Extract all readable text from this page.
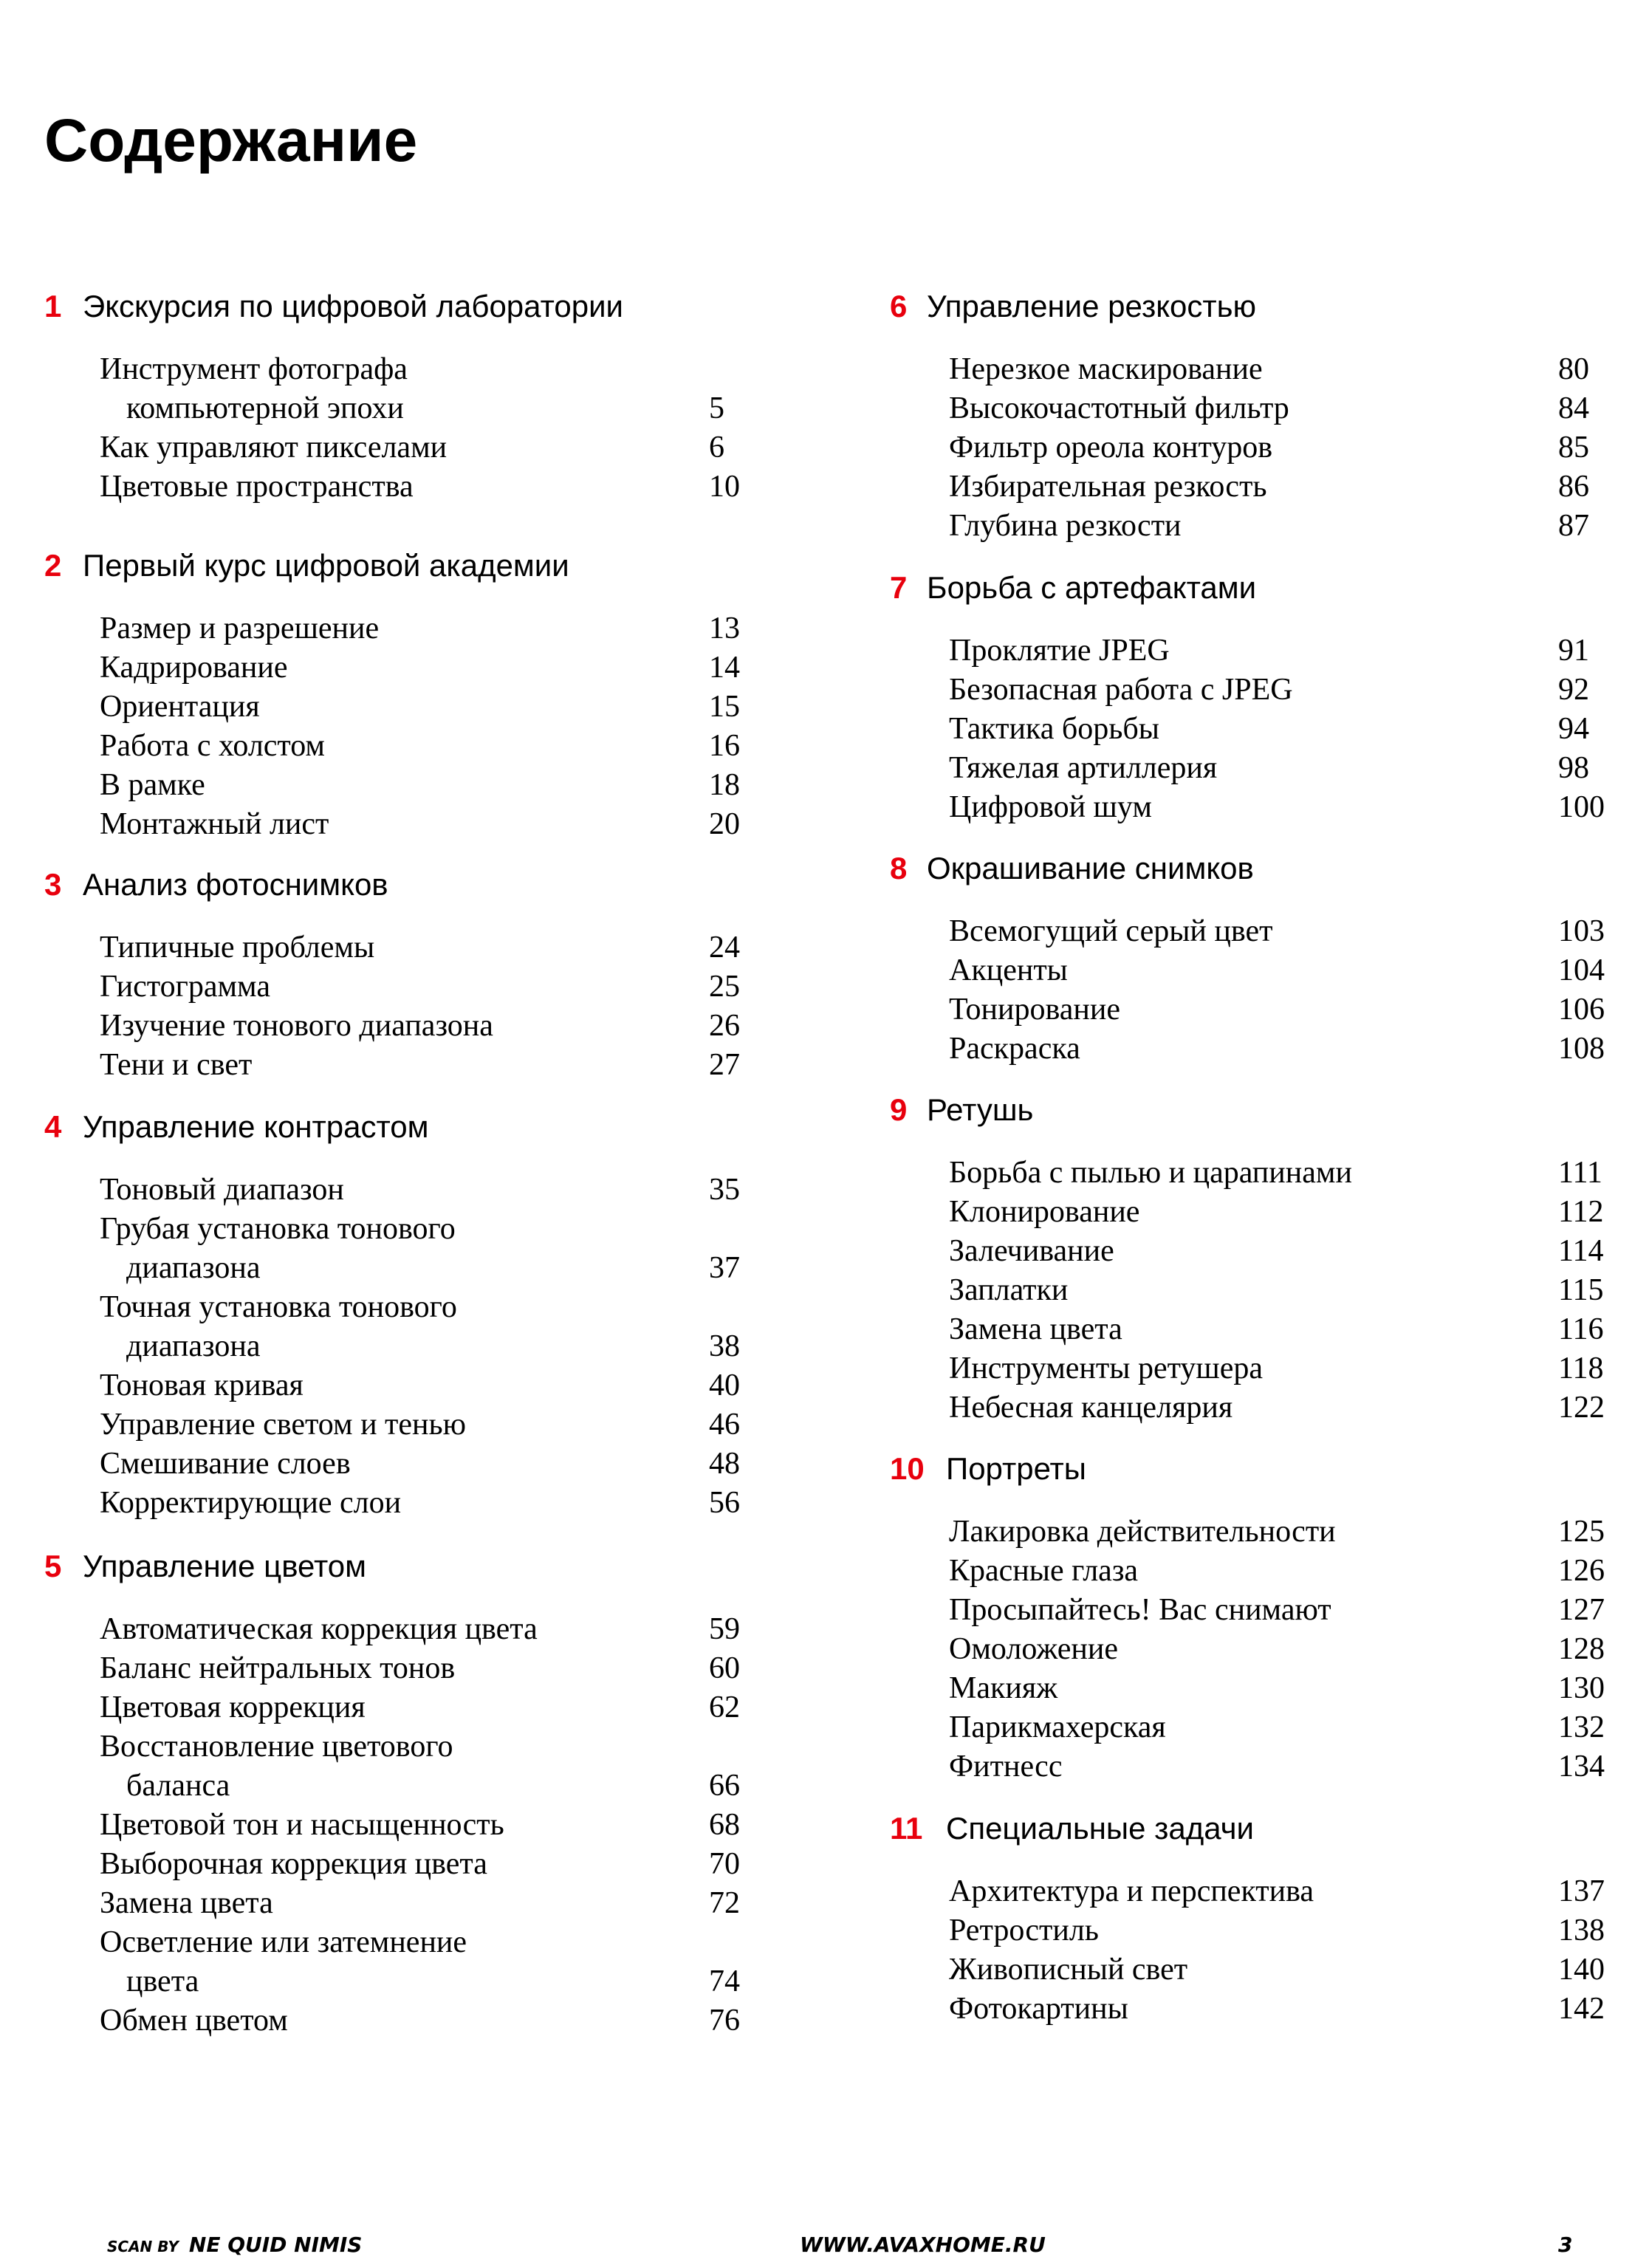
Содержание
1 Экскурсия по цифровой лаборатории
Инструмент фотографа
компьютерной эпохи	5
Как управляют пикселами	6
Цветовые пространства	10
2 Первый курс цифровой академии
Размер и разрешение	13
Кадрирование	14
Ориентация	15
Работа с холстом	16
В рамке	18
Монтажный лист	20
3 Анализ фотоснимков
Типичные проблемы	24
Гистограмма	25
Изучение тонового диапазона	26
Тени и свет	27
4 Управление контрастом
Тоновый диапазон	35
Грубая установка тонового
диапазона	37
Точная установка тонового
диапазона	38
Тоновая кривая	40
Управление светом и тенью	46
Смешивание слоев	48
Корректирующие слои	56
5 Управление цветом
Автоматическая коррекция цвета	59
Баланс нейтральных тонов	60
Цветовая коррекция	62
Восстановление цветового
баланса	66
Цветовой тон и насыщенность	68
Выборочная коррекция цвета	70
Замена цвета	72
Осветление или затемнение
цвета	74
Обмен цветом	76
6 Управление резкостью
Нерезкое маскирование	80
Высокочастотный фильтр	84
Фильтр ореола контуров	85
Избирательная резкость	86
Глубина резкости	87
7 Борьба с артефактами
Проклятие JPEG	91
Безопасная работа с JPEG	92
Тактика борьбы	94
Тяжелая артиллерия	98
Цифровой шум	100
8 Окрашивание снимков
Всемогущий серый цвет	103
Акценты	104
Тонирование	106
Раскраска	108
9 Ретушь
Борьба с пылью и царапинами	111
Клонирование	112
Залечивание	114
Заплатки	115
Замена цвета	116
Инструменты ретушера	118
Небесная канцелярия	122
10 Портреты
Лакировка действительности	125
Красные глаза	126
Просыпайтесь! Вас снимают	127
Омоложение	128
Макияж	130
Парикмахерская	132
Фитнесс	134
11 Специальные задачи
Архитектура и перспектива	137
Ретростиль	138
Живописный свет	140
Фотокартины	142
SCAN BY NE QUID NIMIS	WWW.AVAXHOME.RU	3
